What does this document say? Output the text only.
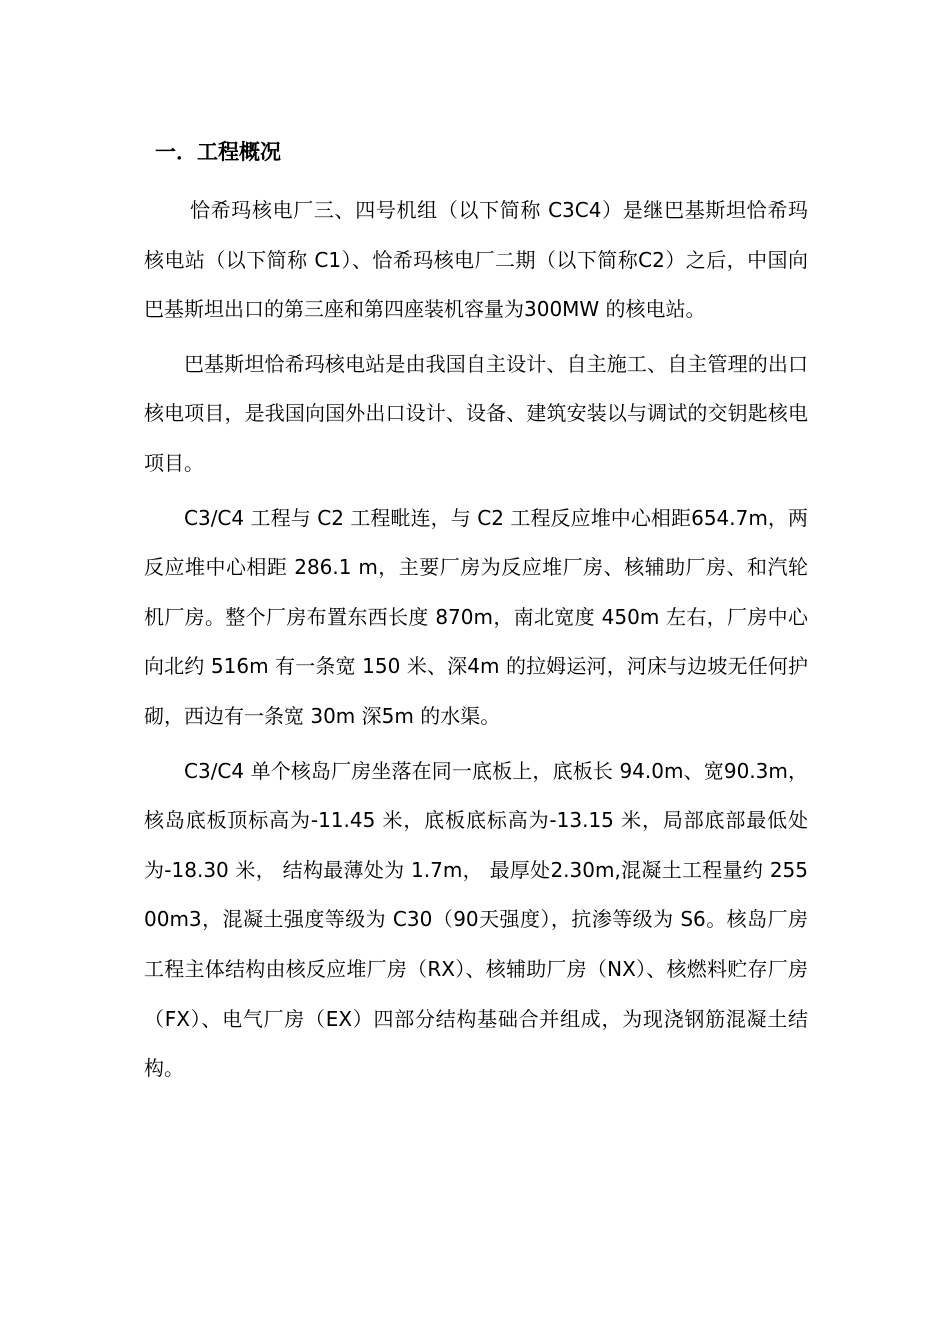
一．工程概况

恰希玛核电厂三、四号机组（以下简称 C3C4）是继巴基斯坦恰希玛核电站（以下简称 C1）、恰希玛核电厂二期（以下简称C2）之后，中国向巴基斯坦出口的第三座和第四座装机容量为300MW 的核电站。

巴基斯坦恰希玛核电站是由我国自主设计、自主施工、自主管理的出口核电项目，是我国向国外出口设计、设备、建筑安装以与调试的交钥匙核电项目。

C3/C4 工程与 C2 工程毗连，与 C2 工程反应堆中心相距654.7m，两反应堆中心相距 286.1 m，主要厂房为反应堆厂房、核辅助厂房、和汽轮机厂房。整个厂房布置东西长度 870m，南北宽度 450m 左右，厂房中心向北约 516m 有一条宽 150 米、深4m 的拉姆运河，河床与边坡无任何护砌，西边有一条宽 30m 深5m 的水渠。

C3/C4 单个核岛厂房坐落在同一底板上，底板长 94.0m、宽90.3m，核岛底板顶标高为-11.45 米，底板底标高为-13.15 米，局部底部最低处为-18.30 米， 结构最薄处为 1.7m， 最厚处2.30m,混凝土工程量约 25500m3，混凝土强度等级为 C30（90天强度），抗渗等级为 S6。核岛厂房工程主体结构由核反应堆厂房（RX）、核辅助厂房（NX）、核燃料贮存厂房（FX）、电气厂房（EX）四部分结构基础合并组成，为现浇钢筋混凝土结构。
